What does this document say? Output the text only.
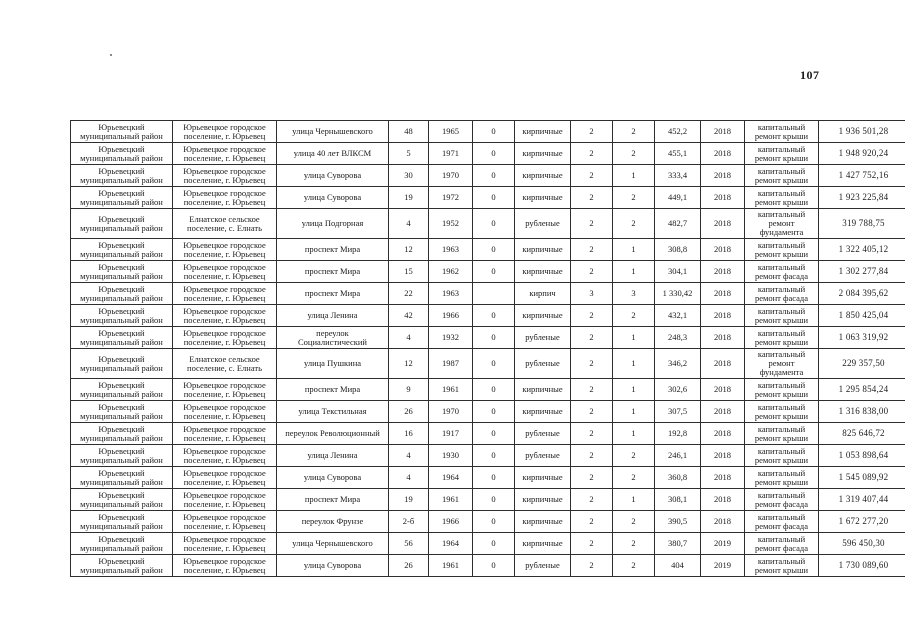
107
Юрьевецкий муниципальный район	Юрьевецкое городское поселение, г. Юрьевец	улица Чернышевского	48	1965	0	кирпичные	2	2	452,2	2018	капитальный ремонт крыши	1 936 501,28
Юрьевецкий муниципальный район	Юрьевецкое городское поселение, г. Юрьевец	улица 40 лет ВЛКСМ	5	1971	0	кирпичные	2	2	455,1	2018	капитальный ремонт крыши	1 948 920,24
Юрьевецкий муниципальный район	Юрьевецкое городское поселение, г. Юрьевец	улица Суворова	30	1970	0	кирпичные	2	1	333,4	2018	капитальный ремонт крыши	1 427 752,16
Юрьевецкий муниципальный район	Юрьевецкое городское поселение, г. Юрьевец	улица Суворова	19	1972	0	кирпичные	2	2	449,1	2018	капитальный ремонт крыши	1 923 225,84
Юрьевецкий муниципальный район	Елнатское сельское поселение, с. Елнать	улица Подгорная	4	1952	0	рубленые	2	2	482,7	2018	капитальный ремонт фундамента	319 788,75
Юрьевецкий муниципальный район	Юрьевецкое городское поселение, г. Юрьевец	проспект Мира	12	1963	0	кирпичные	2	1	308,8	2018	капитальный ремонт крыши	1 322 405,12
Юрьевецкий муниципальный район	Юрьевецкое городское поселение, г. Юрьевец	проспект Мира	15	1962	0	кирпичные	2	1	304,1	2018	капитальный ремонт фасада	1 302 277,84
Юрьевецкий муниципальный район	Юрьевецкое городское поселение, г. Юрьевец	проспект Мира	22	1963		кирпич	3	3	1 330,42	2018	капитальный ремонт фасада	2 084 395,62
Юрьевецкий муниципальный район	Юрьевецкое городское поселение, г. Юрьевец	улица Ленина	42	1966	0	кирпичные	2	2	432,1	2018	капитальный ремонт крыши	1 850 425,04
Юрьевецкий муниципальный район	Юрьевецкое городское поселение, г. Юрьевец	переулок Социалистический	4	1932	0	рубленые	2	1	248,3	2018	капитальный ремонт крыши	1 063 319,92
Юрьевецкий муниципальный район	Елнатское сельское поселение, с. Елнать	улица Пушкина	12	1987	0	рубленые	2	1	346,2	2018	капитальный ремонт фундамента	229 357,50
Юрьевецкий муниципальный район	Юрьевецкое городское поселение, г. Юрьевец	проспект Мира	9	1961	0	кирпичные	2	1	302,6	2018	капитальный ремонт крыши	1 295 854,24
Юрьевецкий муниципальный район	Юрьевецкое городское поселение, г. Юрьевец	улица Текстильная	26	1970	0	кирпичные	2	1	307,5	2018	капитальный ремонт крыши	1 316 838,00
Юрьевецкий муниципальный район	Юрьевецкое городское поселение, г. Юрьевец	переулок Революционный	16	1917	0	рубленые	2	1	192,8	2018	капитальный ремонт крыши	825 646,72
Юрьевецкий муниципальный район	Юрьевецкое городское поселение, г. Юрьевец	улица Ленина	4	1930	0	рубленые	2	2	246,1	2018	капитальный ремонт крыши	1 053 898,64
Юрьевецкий муниципальный район	Юрьевецкое городское поселение, г. Юрьевец	улица Суворова	4	1964	0	кирпичные	2	2	360,8	2018	капитальный ремонт крыши	1 545 089,92
Юрьевецкий муниципальный район	Юрьевецкое городское поселение, г. Юрьевец	проспект Мира	19	1961	0	кирпичные	2	1	308,1	2018	капитальный ремонт фасада	1 319 407,44
Юрьевецкий муниципальный район	Юрьевецкое городское поселение, г. Юрьевец	переулок Фрунзе	2-б	1966	0	кирпичные	2	2	390,5	2018	капитальный ремонт фасада	1 672 277,20
Юрьевецкий муниципальный район	Юрьевецкое городское поселение, г. Юрьевец	улица Чернышевского	56	1964	0	кирпичные	2	2	380,7	2019	капитальный ремонт фасада	596 450,30
Юрьевецкий муниципальный район	Юрьевецкое городское поселение, г. Юрьевец	улица Суворова	26	1961	0	рубленые	2	2	404	2019	капитальный ремонт крыши	1 730 089,60
